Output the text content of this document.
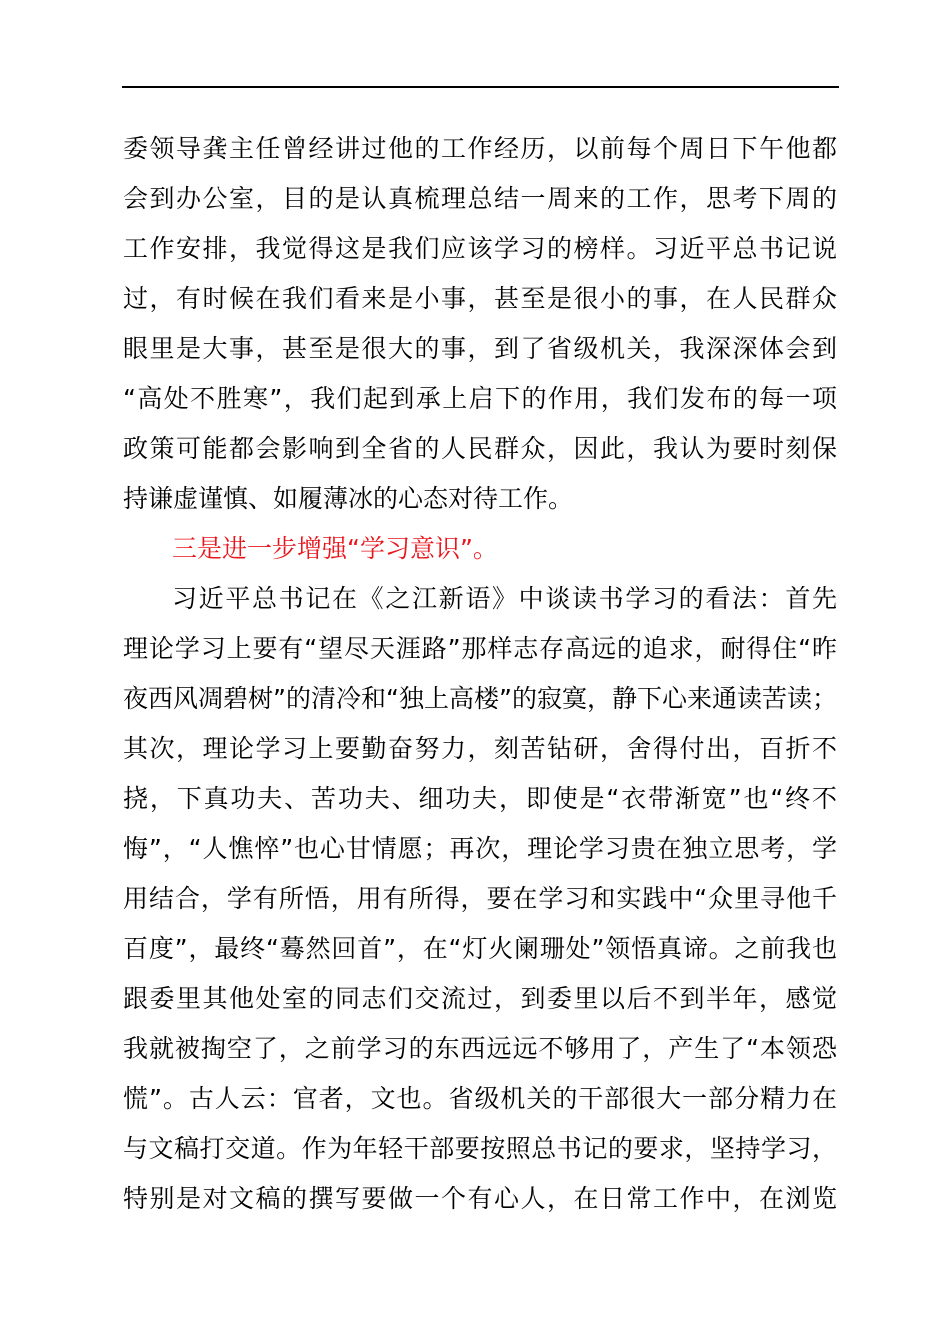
委领导龚主任曾经讲过他的工作经历，以前每个周日下午他都
会到办公室，目的是认真梳理总结一周来的工作，思考下周的
工作安排，我觉得这是我们应该学习的榜样。习近平总书记说
过，有时候在我们看来是小事，甚至是很小的事，在人民群众
眼里是大事，甚至是很大的事，到了省级机关，我深深体会到
“高处不胜寒”，我们起到承上启下的作用，我们发布的每一项
政策可能都会影响到全省的人民群众，因此，我认为要时刻保
持谦虚谨慎、如履薄冰的心态对待工作。
三是进一步增强“学习意识”。
习近平总书记在《之江新语》中谈读书学习的看法：首先
理论学习上要有“望尽天涯路”那样志存高远的追求，耐得住“昨
夜西风凋碧树”的清冷和“独上高楼”的寂寞，静下心来通读苦读；
其次，理论学习上要勤奋努力，刻苦钻研，舍得付出，百折不
挠，下真功夫、苦功夫、细功夫，即使是“衣带渐宽”也“终不
悔”，“人憔悴”也心甘情愿；再次，理论学习贵在独立思考，学
用结合，学有所悟，用有所得，要在学习和实践中“众里寻他千
百度”，最终“蓦然回首”，在“灯火阑珊处”领悟真谛。之前我也
跟委里其他处室的同志们交流过，到委里以后不到半年，感觉
我就被掏空了，之前学习的东西远远不够用了，产生了“本领恐
慌”。古人云：官者，文也。省级机关的干部很大一部分精力在
与文稿打交道。作为年轻干部要按照总书记的要求，坚持学习，
特别是对文稿的撰写要做一个有心人，在日常工作中，在浏览
